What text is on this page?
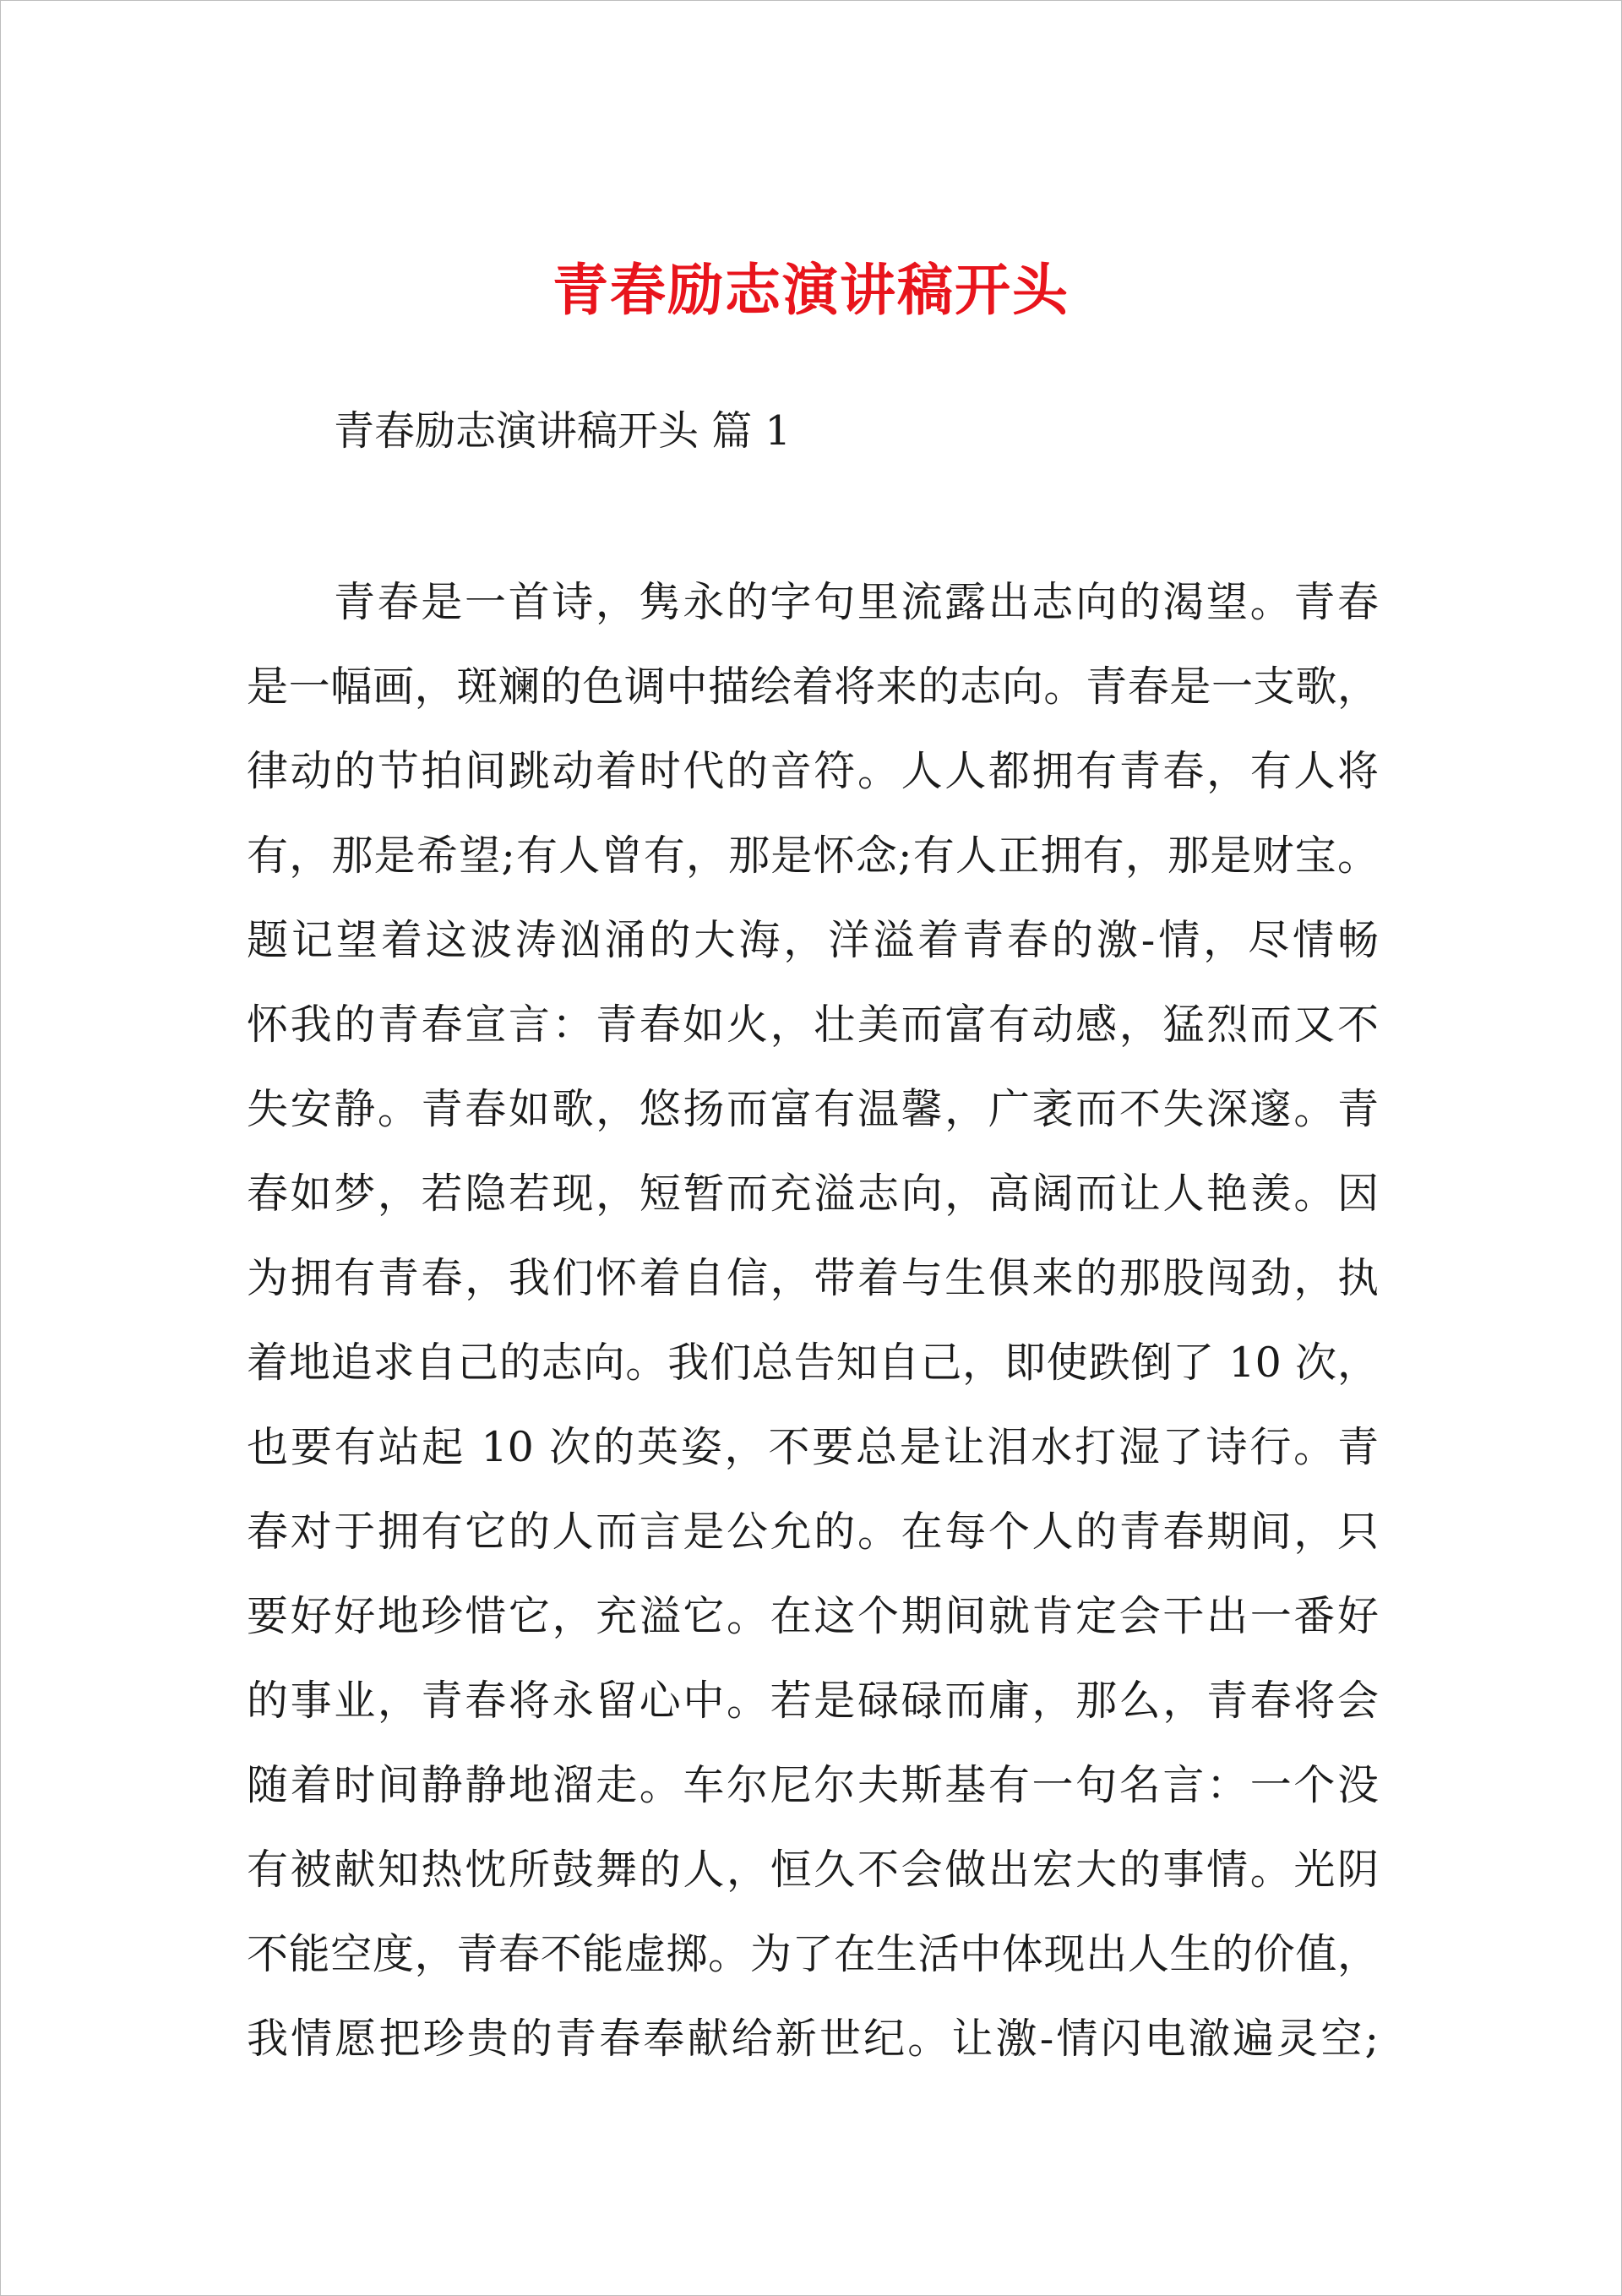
青春励志演讲稿开头
青春励志演讲稿开头 篇 1
青春是一首诗，隽永的字句里流露出志向的渴望。青春
是一幅画，斑斓的色调中描绘着将来的志向。青春是一支歌，
律动的节拍间跳动着时代的音符。人人都拥有青春，有人将
有，那是希望;有人曾有，那是怀念;有人正拥有，那是财宝。
题记望着这波涛汹涌的大海，洋溢着青春的激-情，尽情畅
怀我的青春宣言：青春如火，壮美而富有动感，猛烈而又不
失安静。青春如歌，悠扬而富有温馨，广袤而不失深邃。青
春如梦，若隐若现，短暂而充溢志向，高阔而让人艳羡。因
为拥有青春，我们怀着自信，带着与生俱来的那股闯劲，执
着地追求自己的志向。我们总告知自己，即使跌倒了 10 次，
也要有站起 10 次的英姿，不要总是让泪水打湿了诗行。青
春对于拥有它的人而言是公允的。在每个人的青春期间，只
要好好地珍惜它，充溢它。在这个期间就肯定会干出一番好
的事业，青春将永留心中。若是碌碌而庸，那么，青春将会
随着时间静静地溜走。车尔尼尔夫斯基有一句名言：一个没
有被献知热忱所鼓舞的人，恒久不会做出宏大的事情。光阴
不能空度，青春不能虚掷。为了在生活中体现出人生的价值，
我情愿把珍贵的青春奉献给新世纪。让激-情闪电澈遍灵空;
